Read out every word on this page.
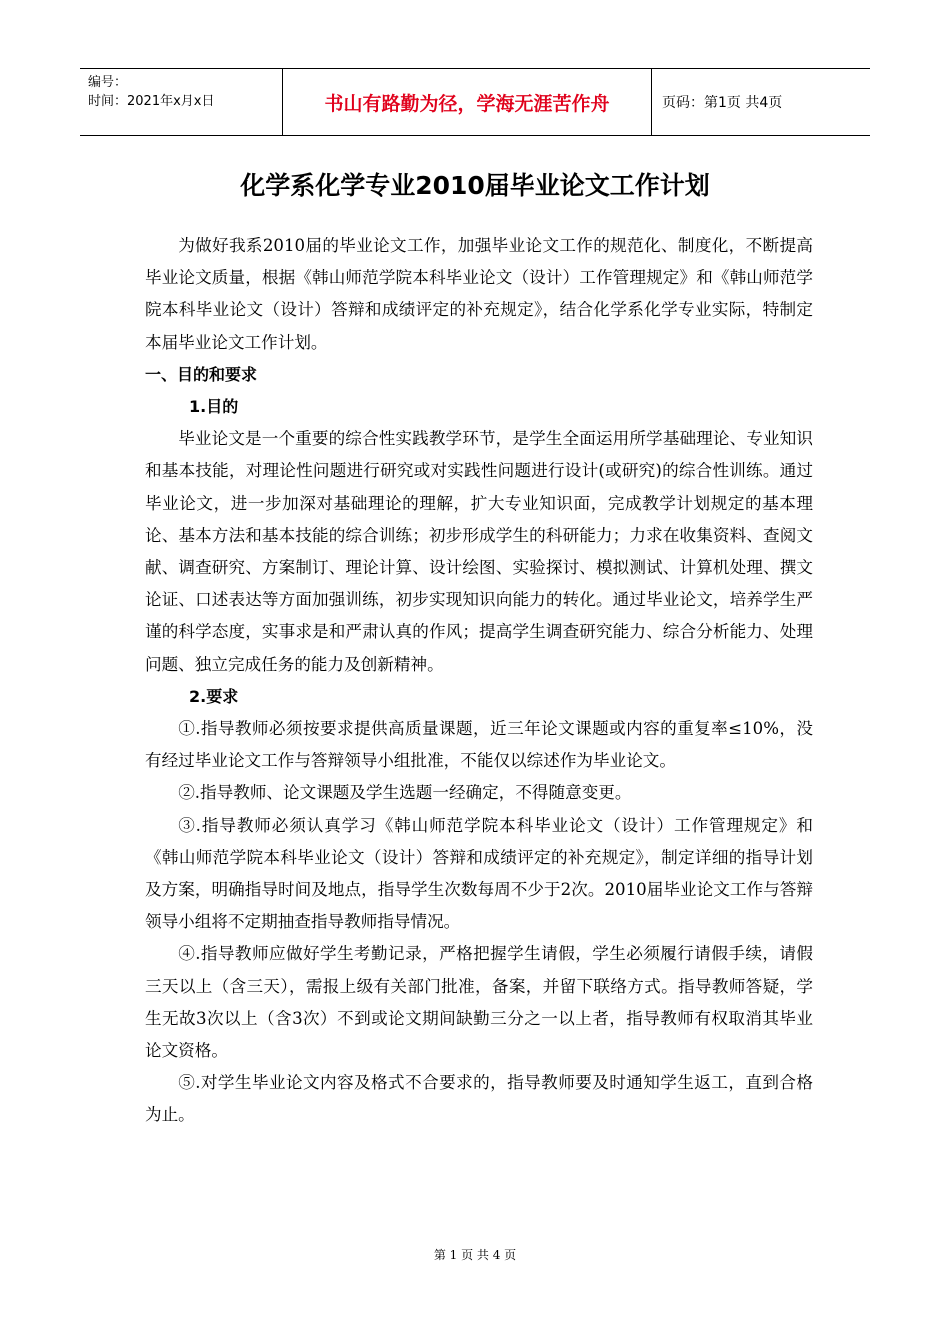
编号：
时间：2021年x月x日	书山有路勤为径，学海无涯苦作舟	页码：第1页 共4页
化学系化学专业2010届毕业论文工作计划

为做好我系2010届的毕业论文工作，加强毕业论文工作的规范化、制度化，不断提高毕业论文质量，根据《韩山师范学院本科毕业论文（设计）工作管理规定》和《韩山师范学院本科毕业论文（设计）答辩和成绩评定的补充规定》，结合化学系化学专业实际，特制定本届毕业论文工作计划。

一、目的和要求

1.目的

毕业论文是一个重要的综合性实践教学环节，是学生全面运用所学基础理论、专业知识和基本技能，对理论性问题进行研究或对实践性问题进行设计(或研究)的综合性训练。通过毕业论文，进一步加深对基础理论的理解，扩大专业知识面，完成教学计划规定的基本理论、基本方法和基本技能的综合训练；初步形成学生的科研能力；力求在收集资料、查阅文献、调查研究、方案制订、理论计算、设计绘图、实验探讨、模拟测试、计算机处理、撰文论证、口述表达等方面加强训练，初步实现知识向能力的转化。通过毕业论文，培养学生严谨的科学态度，实事求是和严肃认真的作风；提高学生调查研究能力、综合分析能力、处理问题、独立完成任务的能力及创新精神。

2.要求

①.指导教师必须按要求提供高质量课题，近三年论文课题或内容的重复率≤10%，没有经过毕业论文工作与答辩领导小组批准，不能仅以综述作为毕业论文。

②.指导教师、论文课题及学生选题一经确定，不得随意变更。

③.指导教师必须认真学习《韩山师范学院本科毕业论文（设计）工作管理规定》和《韩山师范学院本科毕业论文（设计）答辩和成绩评定的补充规定》，制定详细的指导计划及方案，明确指导时间及地点，指导学生次数每周不少于2次。2010届毕业论文工作与答辩领导小组将不定期抽查指导教师指导情况。

④.指导教师应做好学生考勤记录，严格把握学生请假，学生必须履行请假手续，请假三天以上（含三天），需报上级有关部门批准，备案，并留下联络方式。指导教师答疑，学生无故3次以上（含3次）不到或论文期间缺勤三分之一以上者，指导教师有权取消其毕业论文资格。

⑤.对学生毕业论文内容及格式不合要求的，指导教师要及时通知学生返工，直到合格为止。

第 1 页 共 4 页
